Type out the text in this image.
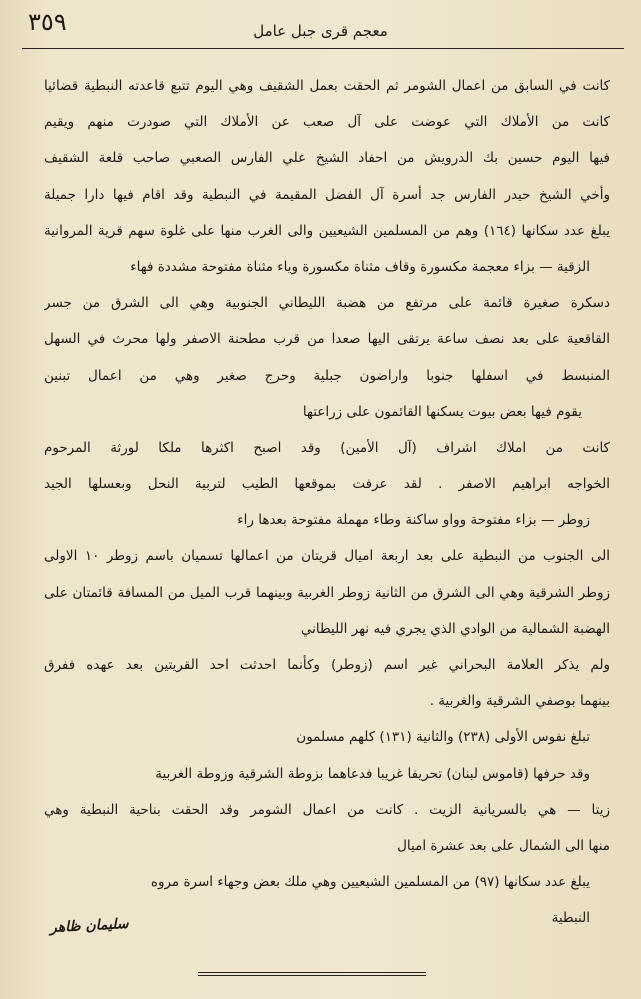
٣٥٩	معجم قرى جبل عامل
كانت في السابق من اعمال الشومر ثم الحقت بعمل الشقيف وهي اليوم تتبع قاعدته النبطية قضائيا
كانت من الأملاك التي عوضت على آل صعب عن الأملاك التي صودرت منهم ويقيم
فيها اليوم حسين بك الدرويش من احفاد الشيخ علي الفارس الصعبي صاحب قلعة الشقيف
وأخي الشيخ حيدر الفارس جد أسرة آل الفضل المقيمة في النبطية وقد اقام فيها دارا جميلة
يبلغ عدد سكانها (١٦٤) وهم من المسلمين الشيعيين والى الغرب منها على غلوة سهم قرية المروانية
الزقية — بزاء معجمة مكسورة وقاف مثناة مكسورة وياء مثناة مفتوحة مشددة فهاء
دسكرة صغيرة قائمة على مرتفع من هضبة الليطاني الجنوبية وهي الى الشرق من جسر
القاقعية على بعد نصف ساعة يرتقى اليها صعدا من قرب مطحنة الاصفر ولها محرث في السهل
المنبسط في اسفلها جنوبا واراضون جبلية وحرج صغير وهي من اعمال تبنين
يقوم فيها بعض بيوت يسكنها القائمون على زراعتها
كانت من املاك اشراف (آل الأمين) وقد اصبح اكثرها ملكا لورثة المرحوم
الخواجه ابراهيم الاصفر . لقد عرفت بموقعها الطيب لتربية النحل وبعسلها الجيد
زوطر — بزاء مفتوحة وواو ساكنة وطاء مهملة مفتوحة بعدها راء
الى الجنوب من النبطية على بعد اربعة اميال قريتان من اعمالها تسميان باسم زوطر ١٠ الاولى
زوطر الشرقية وهي الى الشرق من الثانية زوطر الغربية وبينهما قرب الميل من المسافة قائمتان على
الهضبة الشمالية من الوادي الذي يجري فيه نهر الليطاني
ولم يذكر العلامة البحراني غير اسم (زوطر) وكأنما احدثت احد القريتين بعد عهده ففرق
بينهما بوصفي الشرقية والغربية .
تبلغ نفوس الأولى (٢٣٨) والثانية (١٣١) كلهم مسلمون
وقد حرفها (قاموس لبنان) تحريفا غريبا فدعاهما بزوطة الشرقية وزوطة الغربية
زيتا — هي بالسريانية الزيت . كانت من اعمال الشومر وقد الحقت بناحية النبطية وهي
منها الى الشمال على بعد عشرة اميال
يبلغ عدد سكانها (٩٧) من المسلمين الشيعيين وهي ملك بعض وجهاء اسرة مروه
النبطية
سليمان ظاهر
